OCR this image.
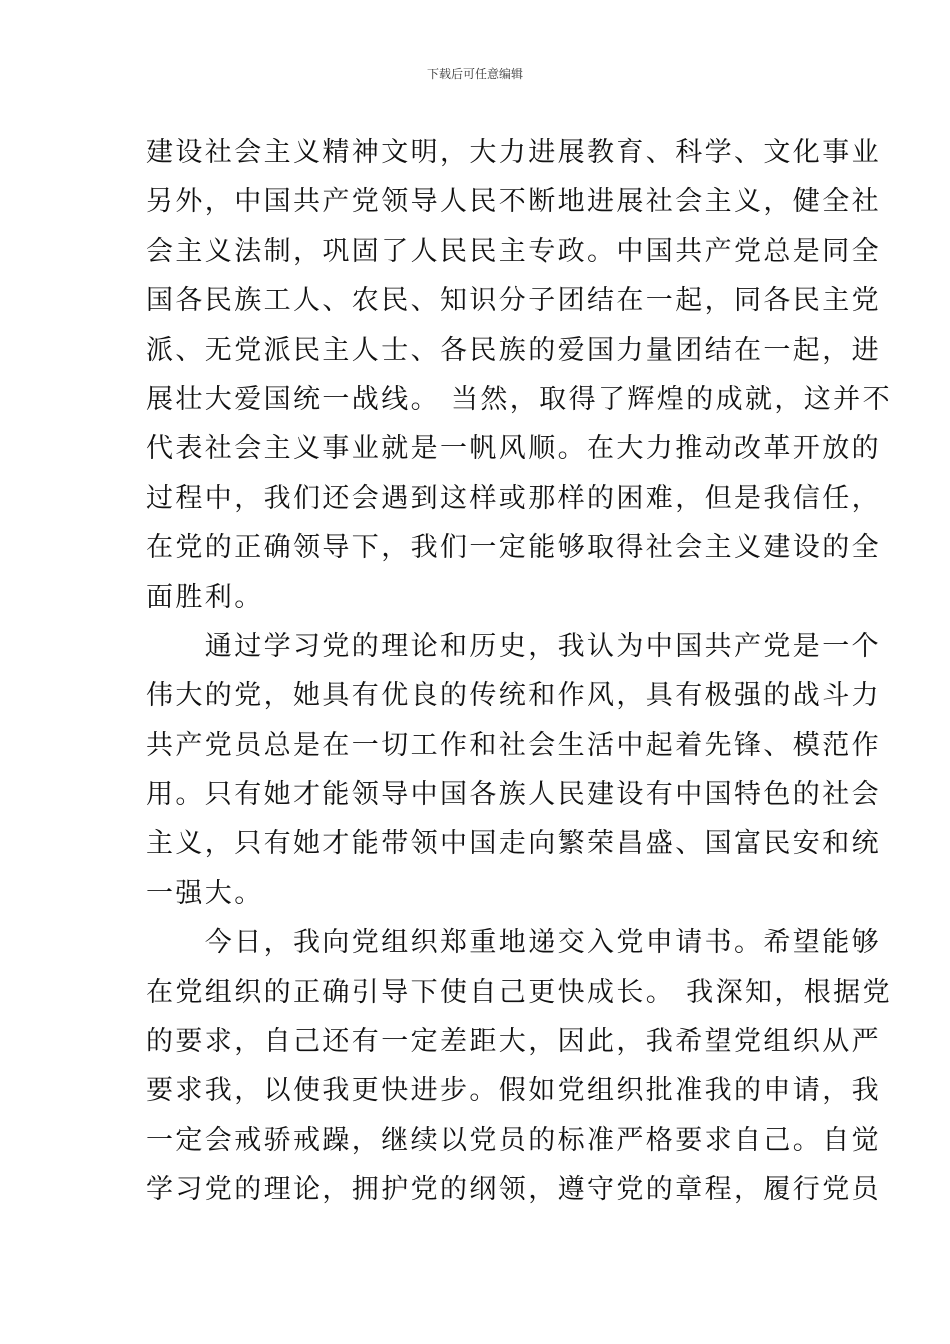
下载后可任意编辑
建设社会主义精神文明，大力进展教育、科学、文化事业
另外，中国共产党领导人民不断地进展社会主义，健全社
会主义法制，巩固了人民民主专政。中国共产党总是同全
国各民族工人、农民、知识分子团结在一起，同各民主党
派、无党派民主人士、各民族的爱国力量团结在一起，进
展壮大爱国统一战线。 当然，取得了辉煌的成就，这并不
代表社会主义事业就是一帆风顺。在大力推动改革开放的
过程中，我们还会遇到这样或那样的困难，但是我信任，
在党的正确领导下，我们一定能够取得社会主义建设的全
面胜利。
　　通过学习党的理论和历史，我认为中国共产党是一个
伟大的党，她具有优良的传统和作风，具有极强的战斗力
共产党员总是在一切工作和社会生活中起着先锋、模范作
用。只有她才能领导中国各族人民建设有中国特色的社会
主义，只有她才能带领中国走向繁荣昌盛、国富民安和统
一强大。
　　今日，我向党组织郑重地递交入党申请书。希望能够
在党组织的正确引导下使自己更快成长。 我深知，根据党
的要求，自己还有一定差距大，因此，我希望党组织从严
要求我，以使我更快进步。假如党组织批准我的申请，我
一定会戒骄戒躁，继续以党员的标准严格要求自己。自觉
学习党的理论，拥护党的纲领，遵守党的章程，履行党员
